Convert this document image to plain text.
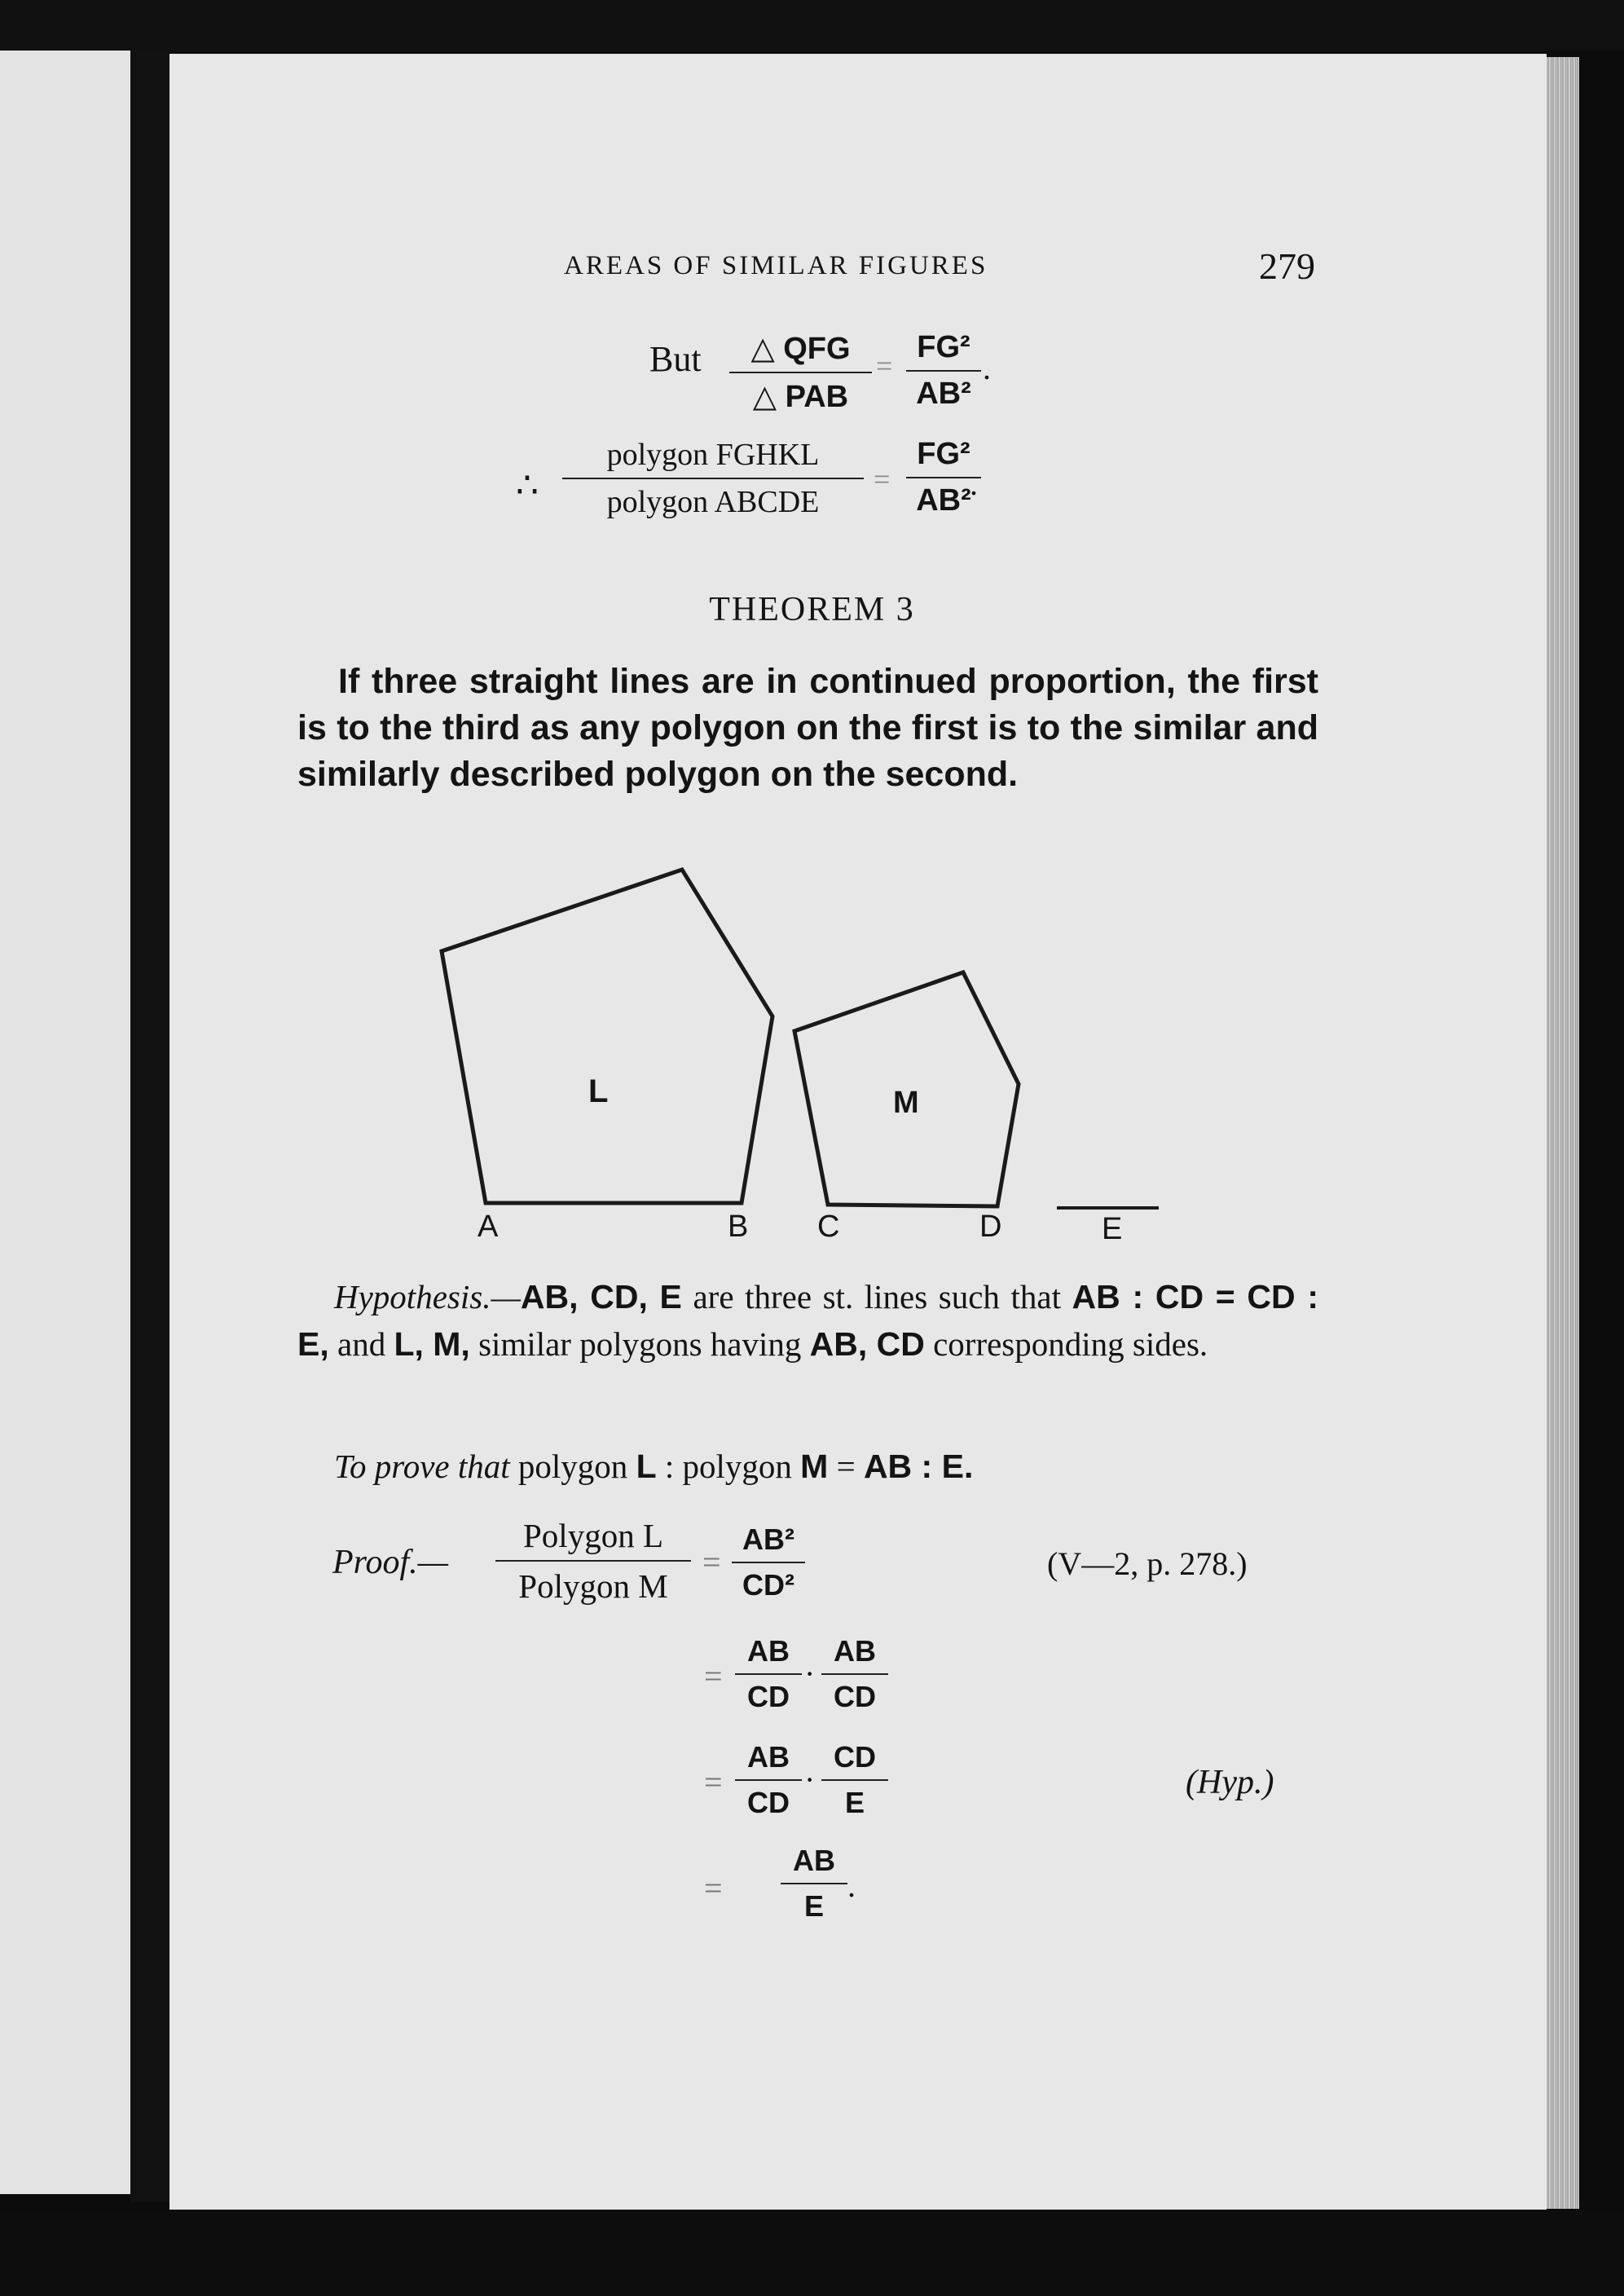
AREAS OF SIMILAR FIGURES	279
But	△ QFG
△ PAB
=
FG²
AB²
.
∴
polygon FGHKL
polygon ABCDE
=
FG²
AB²
.
THEOREM 3
If three straight lines are in continued proportion, the first is to the third as any polygon on the first is to the similar and similarly described polygon on the second.
L	M
A	B C	D	E
Hypothesis.—AB, CD, E are three st. lines such that AB : CD = CD : E, and L, M, similar polygons having AB, CD corresponding sides.
To prove that polygon L : polygon M = AB : E.
Proof.—
Polygon L
Polygon M
=
AB²
CD²
(V—2, p. 278.)
=
AB
CD
·
AB
CD
=
AB
CD
·
CD
E
(Hyp.)
=
AB
E
.
